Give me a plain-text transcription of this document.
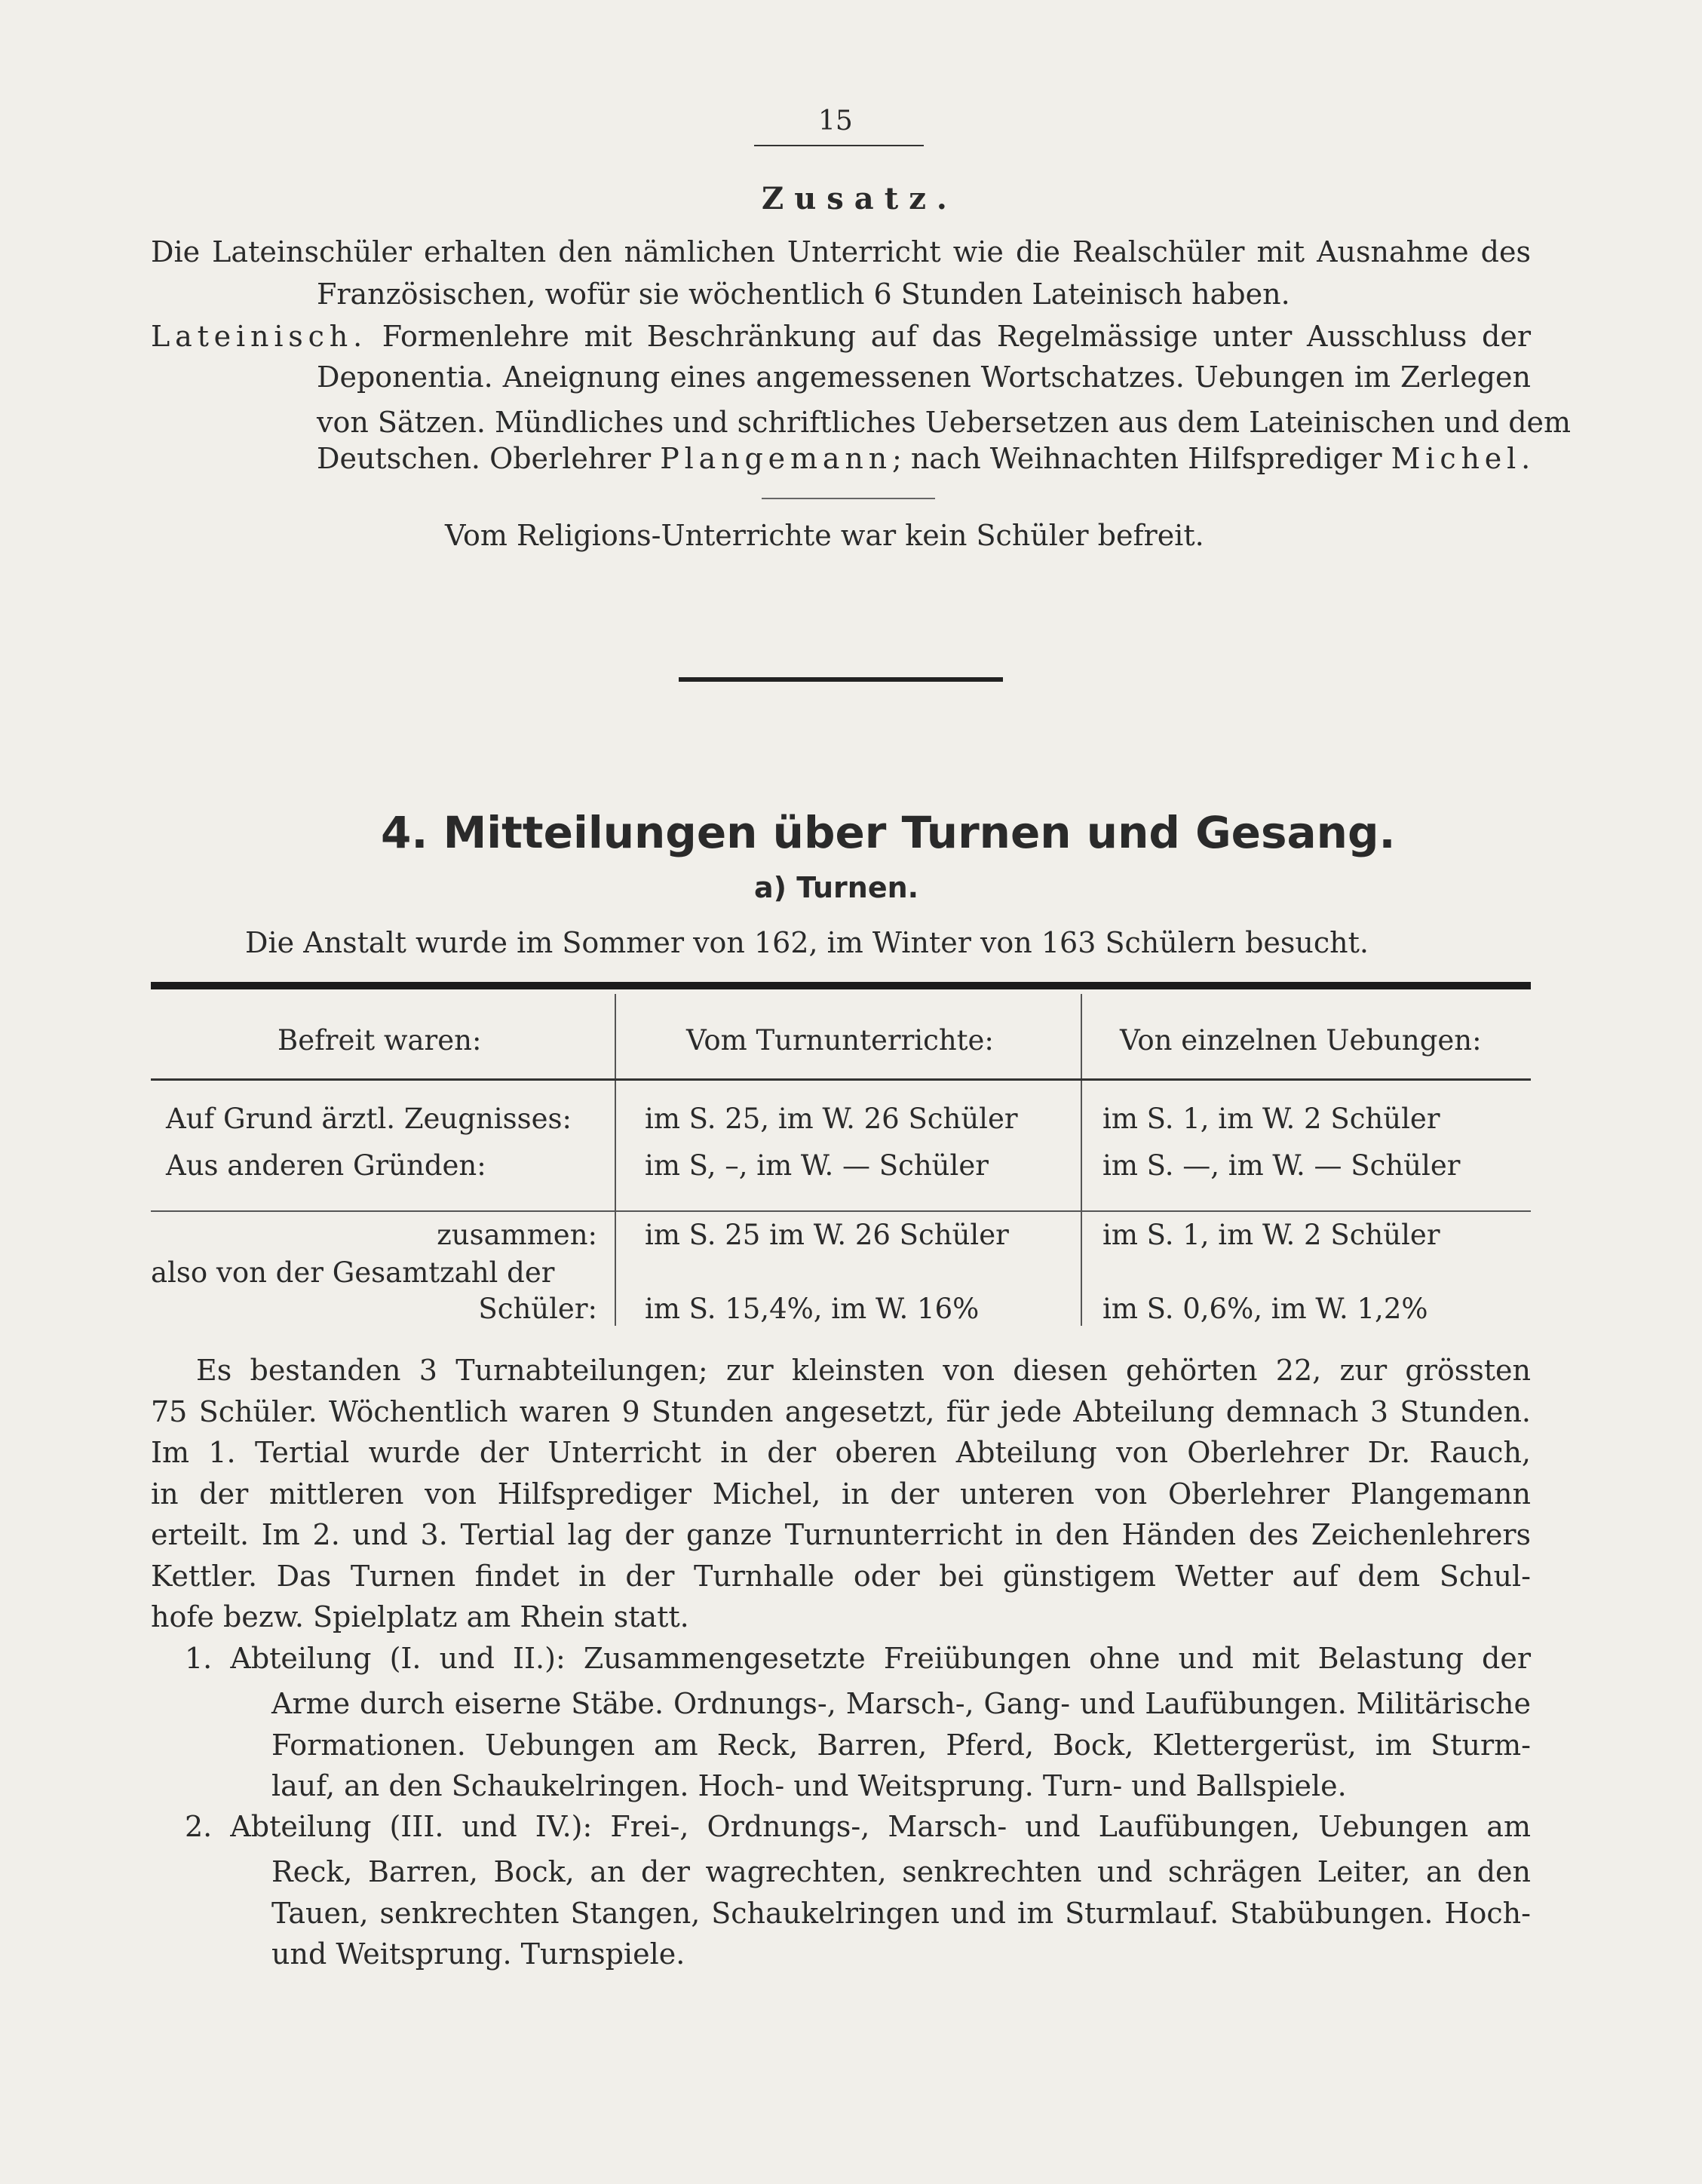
15
Zusatz.
Die Lateinschüler erhalten den nämlichen Unterricht wie die Realschüler mit Ausnahme des
Französischen, wofür sie wöchentlich 6 Stunden Lateinisch haben.
Lateinisch. Formenlehre mit Beschränkung auf das Regelmässige unter Ausschluss der
Deponentia. Aneignung eines angemessenen Wortschatzes. Uebungen im Zerlegen
von Sätzen. Mündliches und schriftliches Uebersetzen aus dem Lateinischen und dem
Deutschen. Oberlehrer Plangemann; nach Weihnachten Hilfsprediger Michel.
Vom Religions-Unterrichte war kein Schüler befreit.
4. Mitteilungen über Turnen und Gesang.
a) Turnen.
Die Anstalt wurde im Sommer von 162, im Winter von 163 Schülern besucht.
Befreit waren:	Vom Turnunterrichte:	Von einzelnen Uebungen:
Auf Grund ärztl. Zeugnisses:	im S. 25, im W. 26 Schüler	im S. 1, im W. 2 Schüler
Aus anderen Gründen:	im S, –, im W. — Schüler	im S. —, im W. — Schüler
zusammen: im S. 25 im W. 26 Schüler	im S. 1, im W. 2 Schüler
also von der Gesamtzahl der
Schüler: im S. 15,4%, im W. 16%	im S. 0,6%, im W. 1,2%
Es bestanden 3 Turnabteilungen; zur kleinsten von diesen gehörten 22, zur grössten
75 Schüler. Wöchentlich waren 9 Stunden angesetzt, für jede Abteilung demnach 3 Stunden.
Im 1. Tertial wurde der Unterricht in der oberen Abteilung von Oberlehrer Dr. Rauch,
in der mittleren von Hilfsprediger Michel, in der unteren von Oberlehrer Plangemann
erteilt. Im 2. und 3. Tertial lag der ganze Turnunterricht in den Händen des Zeichenlehrers
Kettler. Das Turnen findet in der Turnhalle oder bei günstigem Wetter auf dem Schul-
hofe bezw. Spielplatz am Rhein statt.
1. Abteilung (I. und II.): Zusammengesetzte Freiübungen ohne und mit Belastung der
Arme durch eiserne Stäbe. Ordnungs-, Marsch-, Gang- und Laufübungen. Militärische
Formationen. Uebungen am Reck, Barren, Pferd, Bock, Klettergerüst, im Sturm-
lauf, an den Schaukelringen. Hoch- und Weitsprung. Turn- und Ballspiele.
2. Abteilung (III. und IV.): Frei-, Ordnungs-, Marsch- und Laufübungen, Uebungen am
Reck, Barren, Bock, an der wagrechten, senkrechten und schrägen Leiter, an den
Tauen, senkrechten Stangen, Schaukelringen und im Sturmlauf. Stabübungen. Hoch-
und Weitsprung. Turnspiele.
